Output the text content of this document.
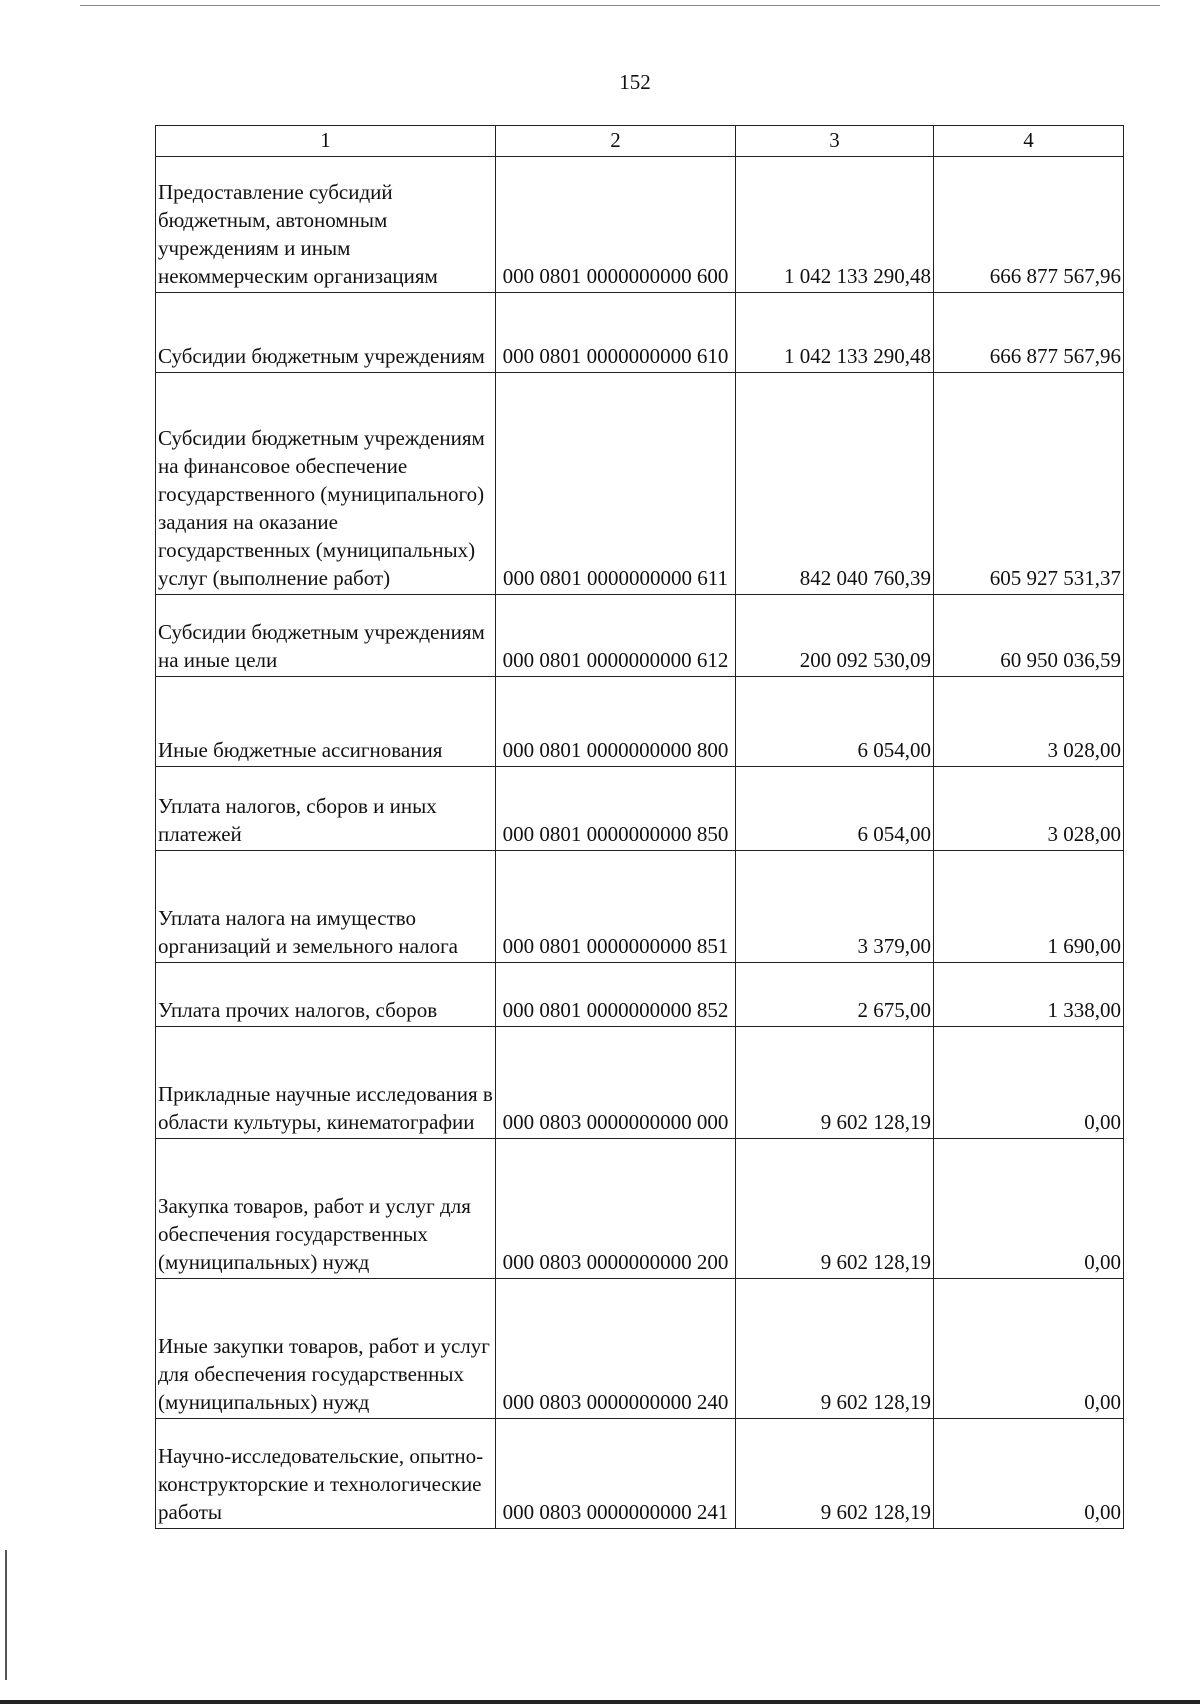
152
1	2	3	4
Предоставление субсидий бюджетным, автономным учреждениям и иным некоммерческим организациям	000 0801 0000000000 600	1 042 133 290,48	666 877 567,96
Субсидии бюджетным учреждениям	000 0801 0000000000 610	1 042 133 290,48	666 877 567,96
Субсидии бюджетным учреждениям на финансовое обеспечение государственного (муниципального) задания на оказание государственных (муниципальных) услуг (выполнение работ)	000 0801 0000000000 611	842 040 760,39	605 927 531,37
Субсидии бюджетным учреждениям на иные цели	000 0801 0000000000 612	200 092 530,09	60 950 036,59
Иные бюджетные ассигнования	000 0801 0000000000 800	6 054,00	3 028,00
Уплата налогов, сборов и иных платежей	000 0801 0000000000 850	6 054,00	3 028,00
Уплата налога на имущество организаций и земельного налога	000 0801 0000000000 851	3 379,00	1 690,00
Уплата прочих налогов, сборов	000 0801 0000000000 852	2 675,00	1 338,00
Прикладные научные исследования в области культуры, кинематографии	000 0803 0000000000 000	9 602 128,19	0,00
Закупка товаров, работ и услуг для обеспечения государственных (муниципальных) нужд	000 0803 0000000000 200	9 602 128,19	0,00
Иные закупки товаров, работ и услуг для обеспечения государственных (муниципальных) нужд	000 0803 0000000000 240	9 602 128,19	0,00
Научно-исследовательские, опытно-конструкторские и технологические работы	000 0803 0000000000 241	9 602 128,19	0,00
